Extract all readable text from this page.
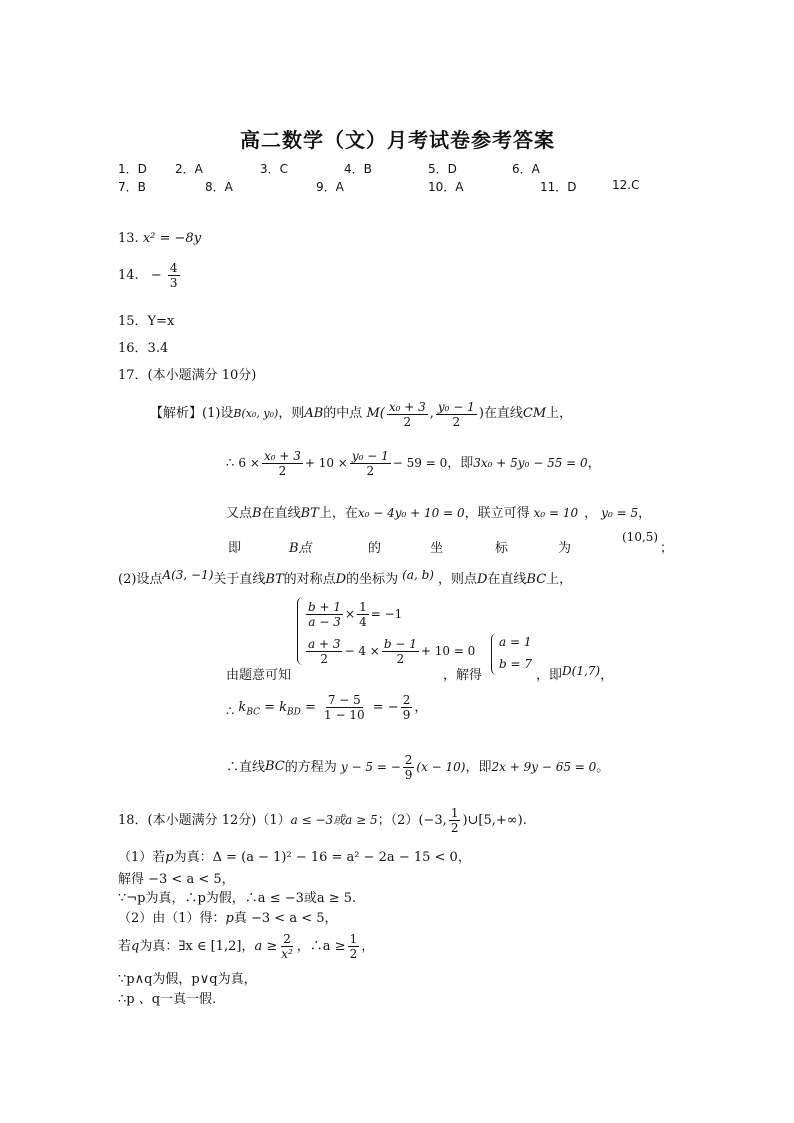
高二数学（文）月考试卷参考答案
1．D 2．A	3．C	4．B	5．D	6．A
7．B	8．A	9．A	10．A	11．D	12.C
13. x² = −8y
14. − $\frac{4}{3}$
15．Y=x
16．3.4
17．(本小题满分 10分)
【解析】(1)设$^{B(x_0, y_0)}$，则AB的中点 $M( \frac{\text{x₀ + 3}}{2}$ , $\frac{\text{y₀ − 1}}{2}$ )在直线CM上，
∴ $6 \times \frac{\text{x₀ + 3}}{2} + 10 \times \frac{\text{y₀ − 1}}{2} - 59 = 0$，即3x₀ + 5y₀ − 55 = 0，
又点B在直线BT上，在x₀ − 4y₀ + 10 = 0，联立可得 x₀ = 10 ， y₀ = 5，
即	B点	的	坐	标	为
(10,5)
；
(2)设点A(3, −1)关于直线BT的对称点D的坐标为 (a, b) ，则点D在直线BC上，
$\frac{b + 1}{a - 3} \times \frac{1}{4} = -1$
$\frac{a + 3}{2} - 4 \times \frac{b - 1}{2} + 10 = 0$
由题意可知	，解得
a = 1
b = 7
，即D(1,7)，
∴ $k_{BC} = k_{BD} = \frac{7 - 5}{1 - 10}$ = − $\frac{2}{9}$ ，
∴直线BC的方程为 y − 5 = − $\frac{2}{9} (x - 10)$，即2x + 9y − 65 = 0。
18．(本小题满分 12分)（1）a ≤ −3或a ≥ 5；（2）(−3, $\frac{1}{2}$ )∪[5,+∞).
（1）若p为真：Δ = (a − 1)² − 16 = a² − 2a − 15 < 0，
解得 −3 < a < 5，
∵¬p为真，∴p为假，∴a ≤ −3或a ≥ 5.
（2）由（1）得：p真 −3 < a < 5，
若q为真：∃x ∈ [1,2]，$a \ge \frac{2}{\text{x²}}$ ，∴a ≥ $\frac{1}{2}$ ，
∵p∧q为假，p∨q为真，
∴p 、q一真一假.
